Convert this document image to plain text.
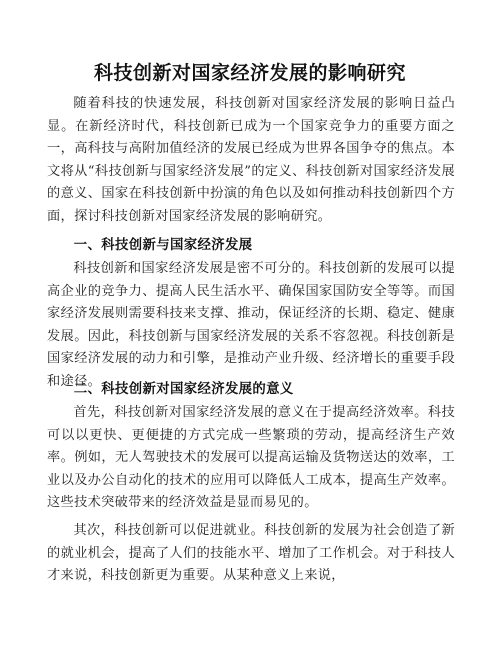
科技创新对国家经济发展的影响研究

随着科技的快速发展，科技创新对国家经济发展的影响日益凸显。在新经济时代，科技创新已成为一个国家竞争力的重要方面之一，高科技与高附加值经济的发展已经成为世界各国争夺的焦点。本文将从“科技创新与国家经济发展”的定义、科技创新对国家经济发展的意义、国家在科技创新中扮演的角色以及如何推动科技创新四个方面，探讨科技创新对国家经济发展的影响研究。

一、科技创新与国家经济发展

科技创新和国家经济发展是密不可分的。科技创新的发展可以提高企业的竞争力、提高人民生活水平、确保国家国防安全等等。而国家经济发展则需要科技来支撑、推动，保证经济的长期、稳定、健康发展。因此，科技创新与国家经济发展的关系不容忽视。科技创新是国家经济发展的动力和引擎，是推动产业升级、经济增长的重要手段和途径。

二、科技创新对国家经济发展的意义

首先，科技创新对国家经济发展的意义在于提高经济效率。科技可以以更快、更便捷的方式完成一些繁琐的劳动，提高经济生产效率。例如，无人驾驶技术的发展可以提高运输及货物送达的效率，工业以及办公自动化的技术的应用可以降低人工成本，提高生产效率。这些技术突破带来的经济效益是显而易见的。

其次，科技创新可以促进就业。科技创新的发展为社会创造了新的就业机会，提高了人们的技能水平、增加了工作机会。对于科技人才来说，科技创新更为重要。从某种意义上来说，
